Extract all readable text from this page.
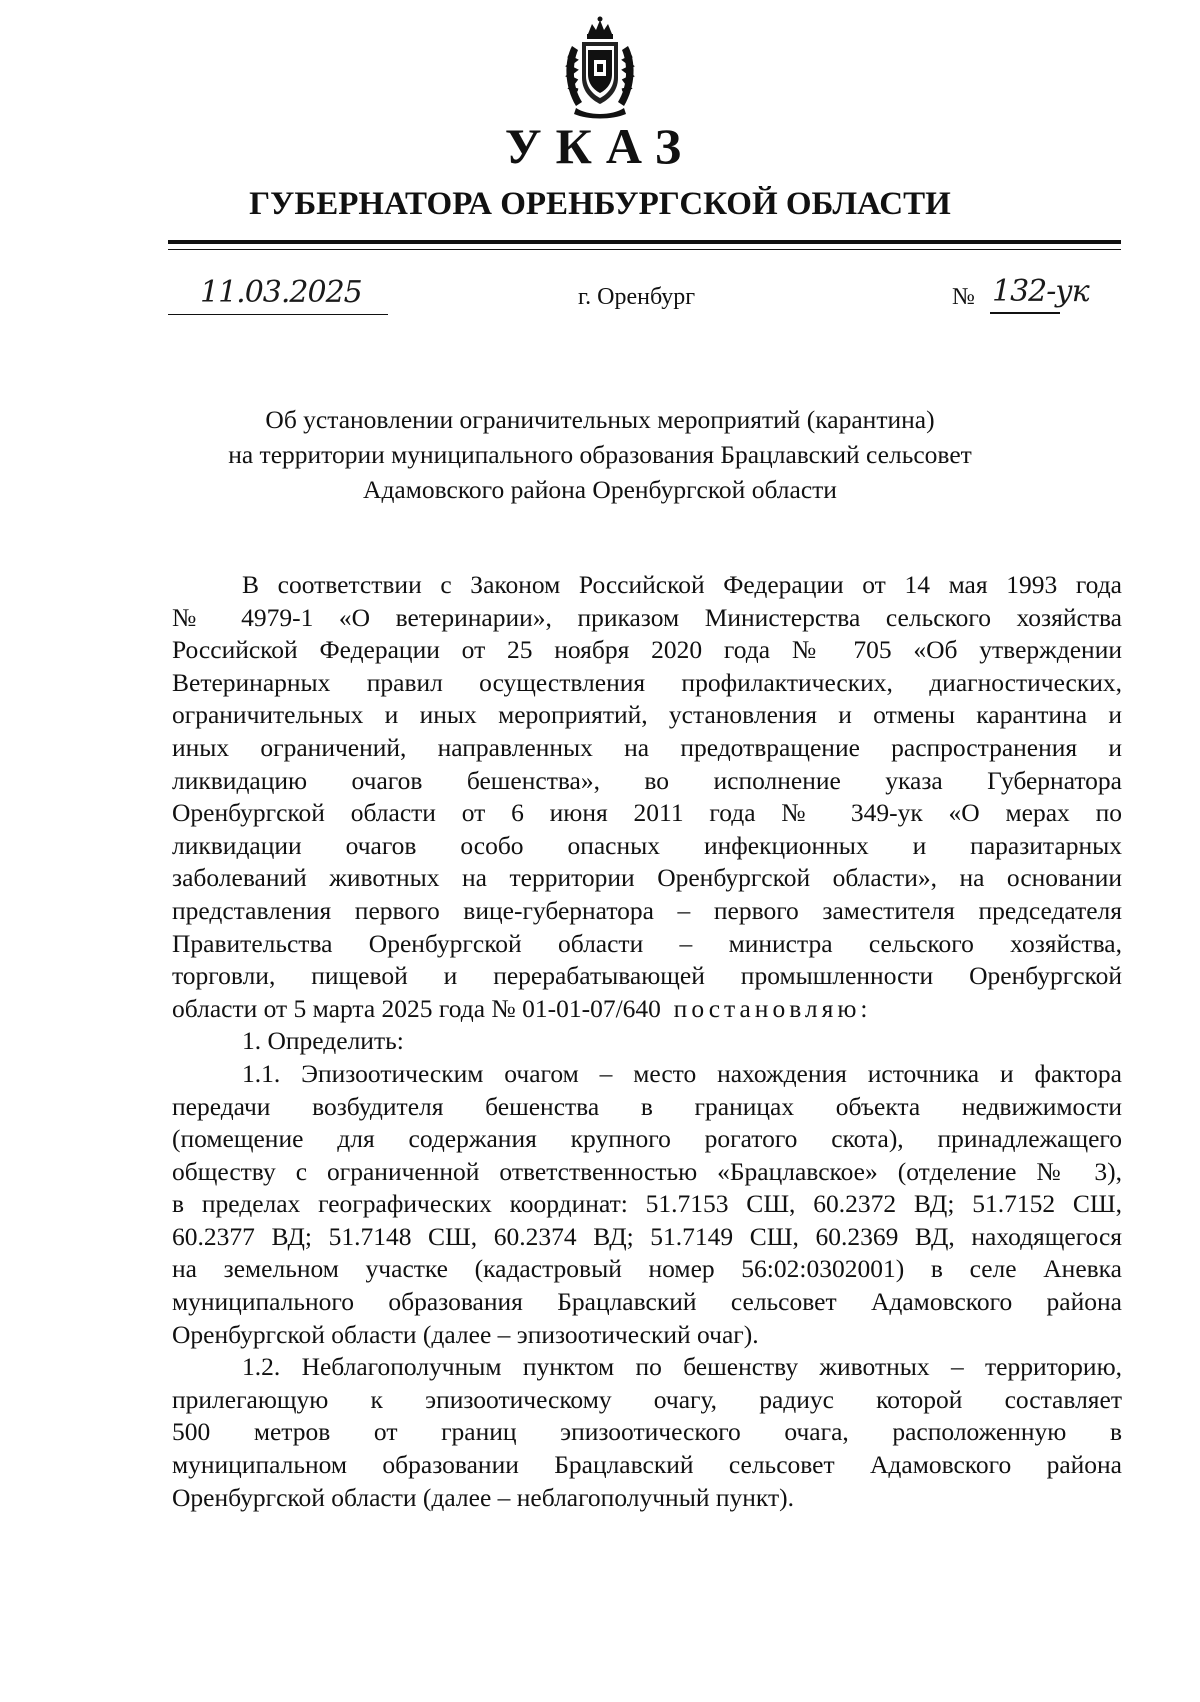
УКАЗ
ГУБЕРНАТОРА ОРЕНБУРГСКОЙ ОБЛАСТИ
11.03.2025	г. Оренбург	№ 132-ук
Об установлении ограничительных мероприятий (карантина)
на территории муниципального образования Брацлавский сельсовет
Адамовского района Оренбургской области
В соответствии с Законом Российской Федерации от 14 мая 1993 года
№ 4979-1 «О ветеринарии», приказом Министерства сельского хозяйства
Российской Федерации от 25 ноября 2020 года № 705 «Об утверждении
Ветеринарных правил осуществления профилактических, диагностических,
ограничительных и иных мероприятий, установления и отмены карантина и
иных ограничений, направленных на предотвращение распространения и
ликвидацию очагов бешенства», во исполнение указа Губернатора
Оренбургской области от 6 июня 2011 года № 349-ук «О мерах по
ликвидации очагов особо опасных инфекционных и паразитарных
заболеваний животных на территории Оренбургской области», на основании
представления первого вице-губернатора – первого заместителя председателя
Правительства Оренбургской области – министра сельского хозяйства,
торговли, пищевой и перерабатывающей промышленности Оренбургской
области от 5 марта 2025 года № 01-01-07/640 постановляю:
1. Определить:
1.1. Эпизоотическим очагом – место нахождения источника и фактора
передачи возбудителя бешенства в границах объекта недвижимости
(помещение для содержания крупного рогатого скота), принадлежащего
обществу с ограниченной ответственностью «Брацлавское» (отделение № 3),
в пределах географических координат: 51.7153 СШ, 60.2372 ВД; 51.7152 СШ,
60.2377 ВД; 51.7148 СШ, 60.2374 ВД; 51.7149 СШ, 60.2369 ВД, находящегося
на земельном участке (кадастровый номер 56:02:0302001) в селе Аневка
муниципального образования Брацлавский сельсовет Адамовского района
Оренбургской области (далее – эпизоотический очаг).
1.2. Неблагополучным пунктом по бешенству животных – территорию,
прилегающую к эпизоотическому очагу, радиус которой составляет
500 метров от границ эпизоотического очага, расположенную в
муниципальном образовании Брацлавский сельсовет Адамовского района
Оренбургской области (далее – неблагополучный пункт).
